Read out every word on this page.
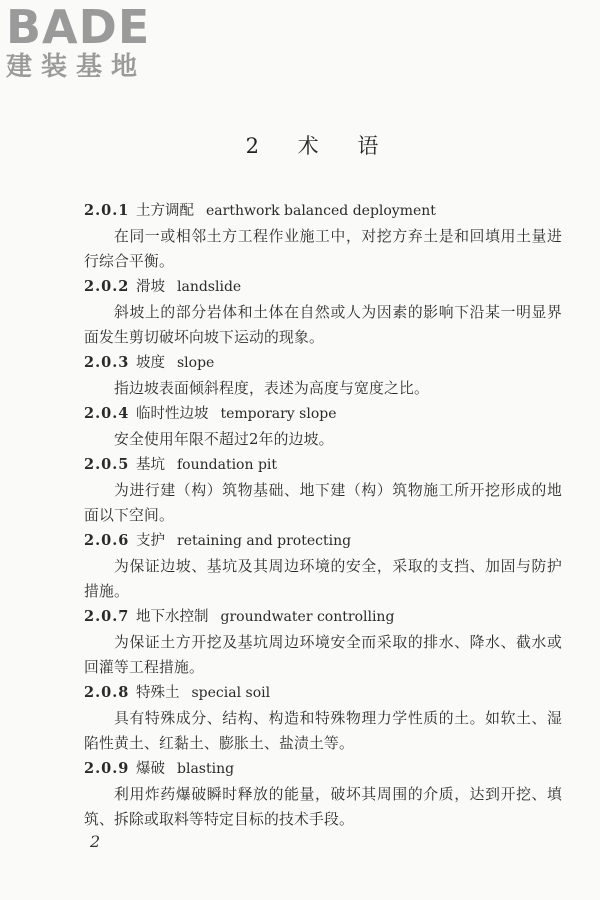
BADE
建装基地
2 术 语
2.0.1 土方调配 earthwork balanced deployment
在同一或相邻土方工程作业施工中，对挖方弃土是和回填用土量进行综合平衡。
2.0.2 滑坡 landslide
斜坡上的部分岩体和土体在自然或人为因素的影响下沿某一明显界面发生剪切破坏向坡下运动的现象。
2.0.3 坡度 slope
指边坡表面倾斜程度，表述为高度与宽度之比。
2.0.4 临时性边坡 temporary slope
安全使用年限不超过2年的边坡。
2.0.5 基坑 foundation pit
为进行建（构）筑物基础、地下建（构）筑物施工所开挖形成的地面以下空间。
2.0.6 支护 retaining and protecting
为保证边坡、基坑及其周边环境的安全，采取的支挡、加固与防护措施。
2.0.7 地下水控制 groundwater controlling
为保证土方开挖及基坑周边环境安全而采取的排水、降水、截水或回灌等工程措施。
2.0.8 特殊土 special soil
具有特殊成分、结构、构造和特殊物理力学性质的土。如软土、湿陷性黄土、红黏土、膨胀土、盐渍土等。
2.0.9 爆破 blasting
利用炸药爆破瞬时释放的能量，破坏其周围的介质，达到开挖、填筑、拆除或取料等特定目标的技术手段。
2
